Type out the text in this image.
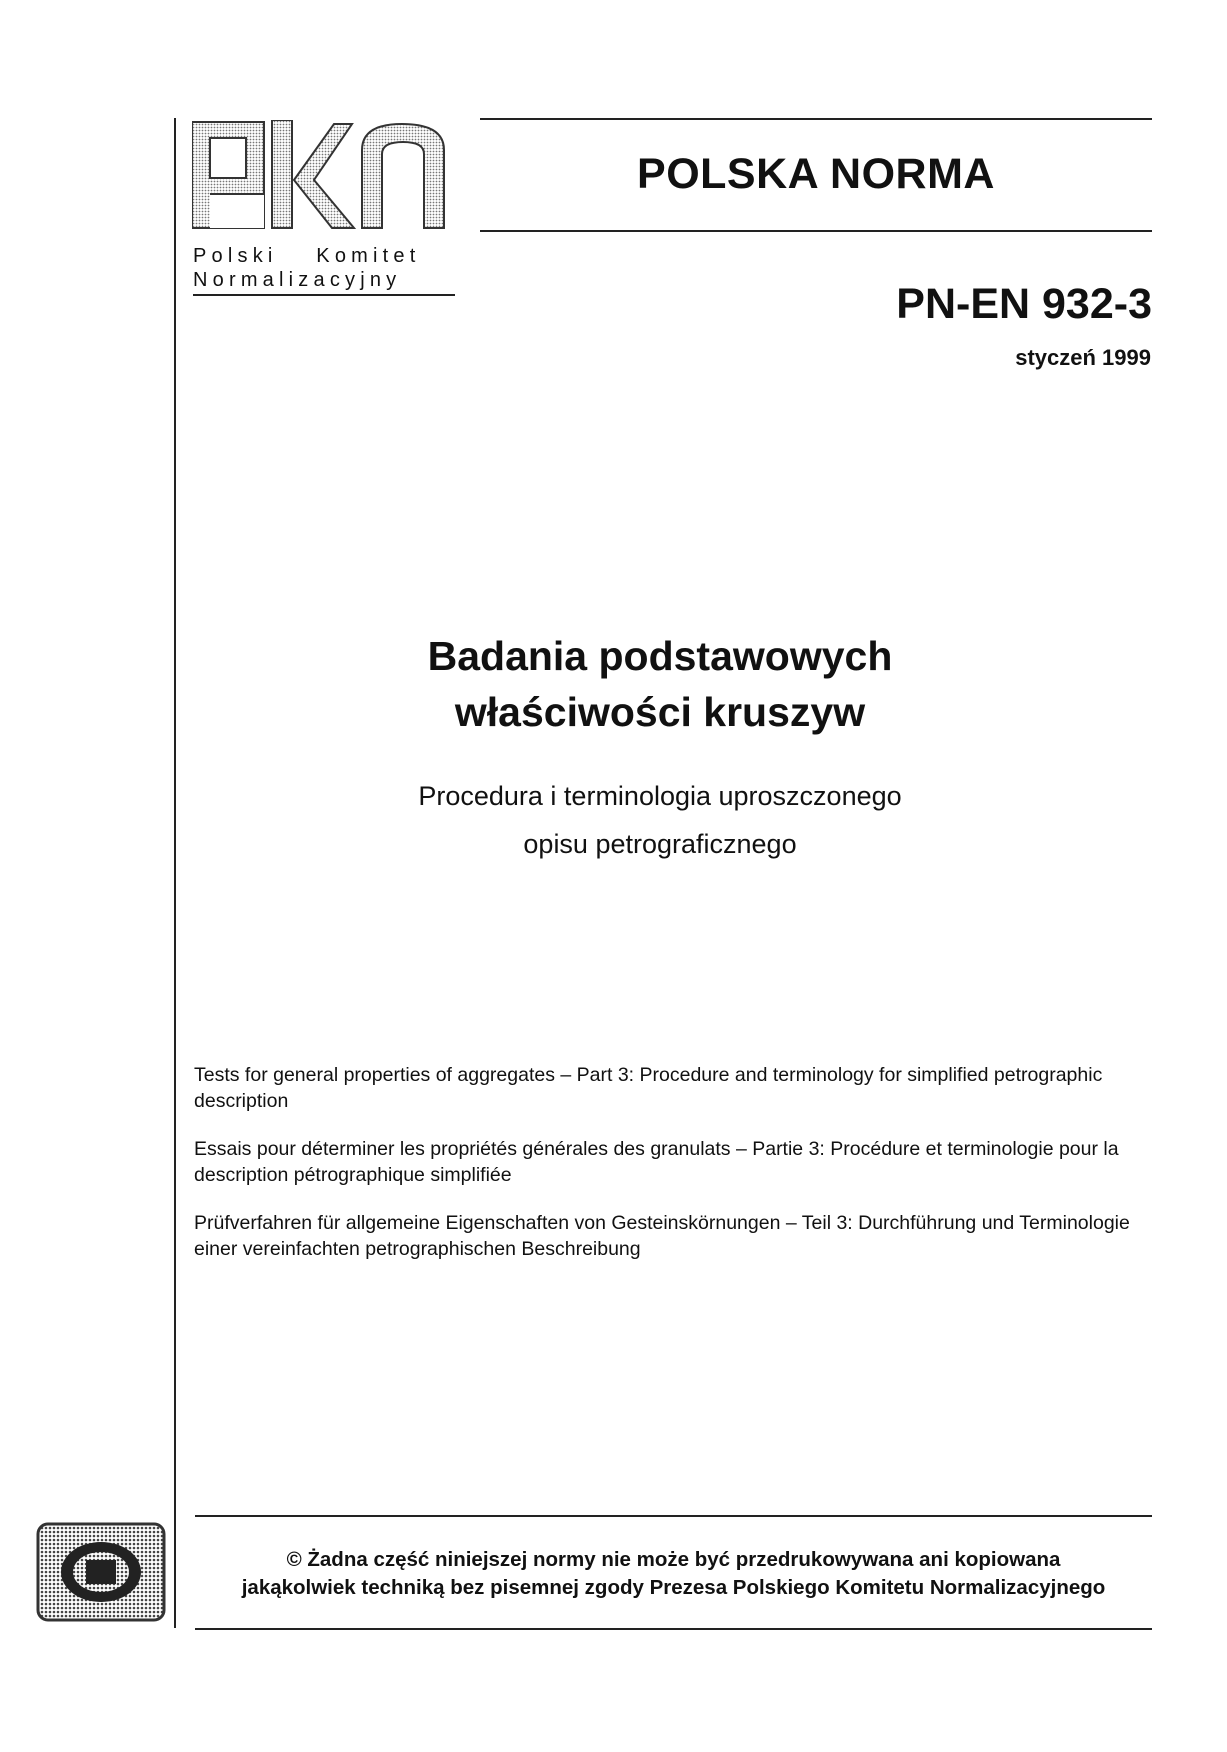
Polski Komitet
Normalizacyjny
POLSKA NORMA
PN-EN 932-3
styczeń 1999
Badania podstawowych
właściwości kruszyw
Procedura i terminologia uproszczonego
opisu petrograficznego

Tests for general properties of aggregates – Part 3: Procedure and terminology for simplified petrographic description

Essais pour déterminer les propriétés générales des granulats – Partie 3: Procédure et terminologie pour la description pétrographique simplifiée

Prüfverfahren für allgemeine Eigenschaften von Gesteinskörnungen – Teil 3: Durchführung und Terminologie einer vereinfachten petrographischen Beschreibung

© Żadna część niniejszej normy nie może być przedrukowywana ani kopiowana
jakąkolwiek techniką bez pisemnej zgody Prezesa Polskiego Komitetu Normalizacyjnego
